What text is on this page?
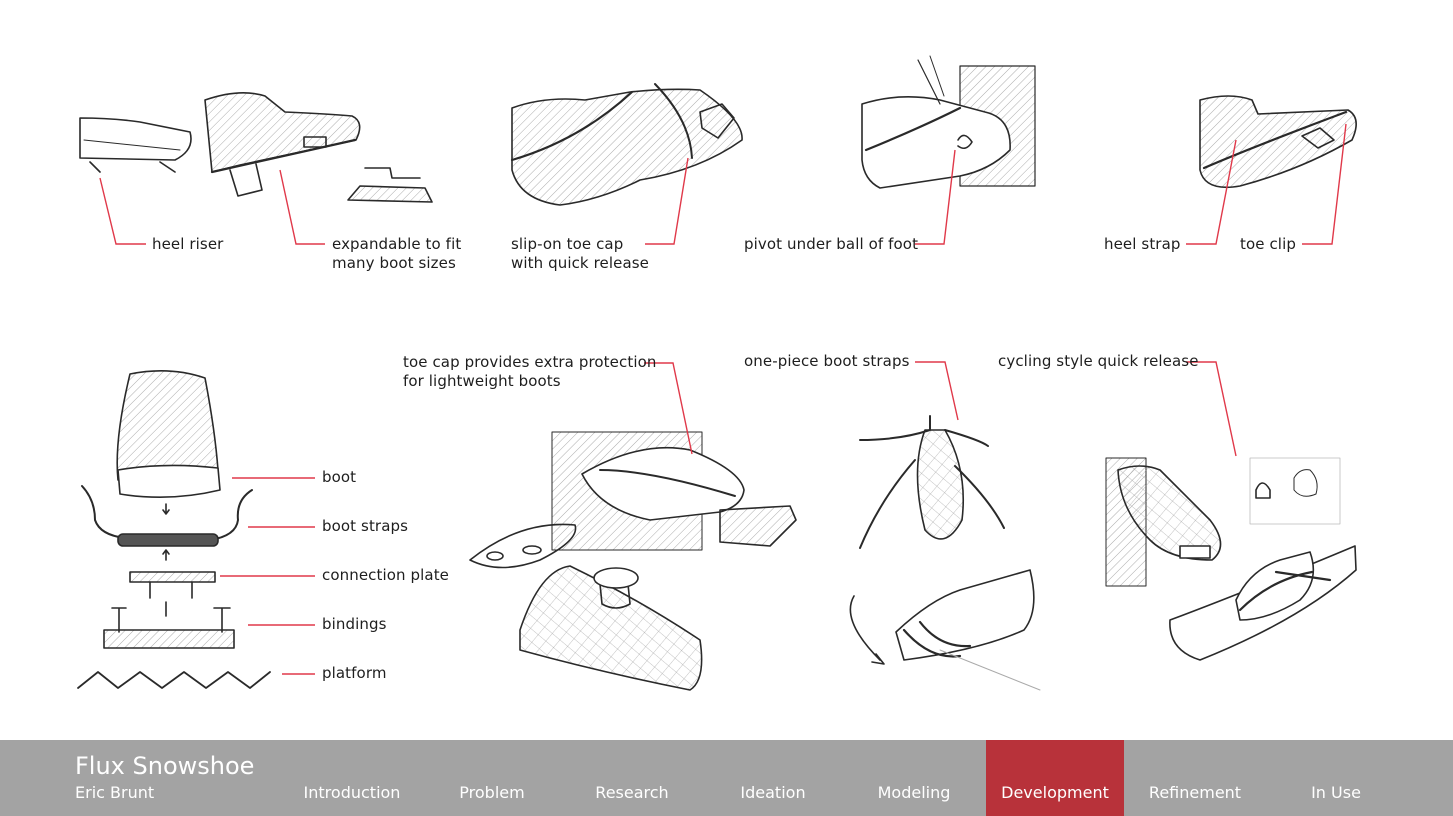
heel riser	expandable to fit
many boot sizes
slip-on toe cap
with quick release
pivot under ball of foot	heel strap	toe clip
toe cap provides extra protection
for lightweight boots
one-piece boot straps	cycling style quick release
boot
boot straps
connection plate
bindings
platform
Flux Snowshoe
Eric Brunt	Introduction	Problem	Research	Ideation	Modeling	Development	Refinement	In Use
